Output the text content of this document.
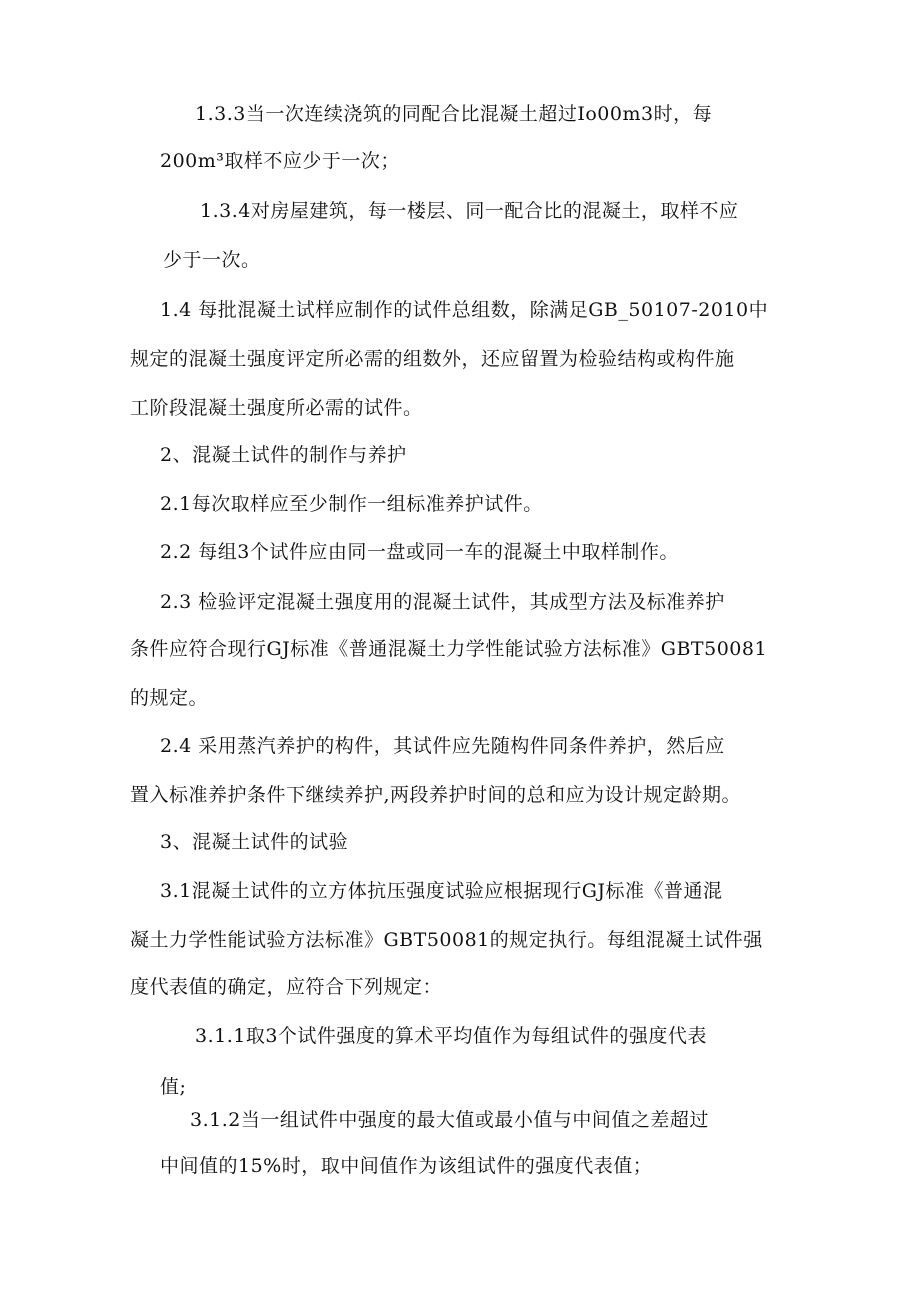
1.3.3当一次连续浇筑的同配合比混凝土超过Io00m3时，每
200m³取样不应少于一次；
1.3.4对房屋建筑，每一楼层、同一配合比的混凝土，取样不应
少于一次。
1.4 每批混凝土试样应制作的试件总组数，除满足GB_50107-2010中
规定的混凝土强度评定所必需的组数外，还应留置为检验结构或构件施
工阶段混凝土强度所必需的试件。
2、混凝土试件的制作与养护
2.1每次取样应至少制作一组标准养护试件。
2.2 每组3个试件应由同一盘或同一车的混凝土中取样制作。
2.3 检验评定混凝土强度用的混凝土试件，其成型方法及标准养护
条件应符合现行GJ标准《普通混凝土力学性能试验方法标准》GBT50081
的规定。
2.4 采用蒸汽养护的构件，其试件应先随构件同条件养护，然后应
置入标准养护条件下继续养护,两段养护时间的总和应为设计规定龄期。
3、混凝土试件的试验
3.1混凝土试件的立方体抗压强度试验应根据现行GJ标准《普通混
凝土力学性能试验方法标准》GBT50081的规定执行。每组混凝土试件强
度代表值的确定，应符合下列规定：
3.1.1取3个试件强度的算术平均值作为每组试件的强度代表
值;
3.1.2当一组试件中强度的最大值或最小值与中间值之差超过
中间值的15%时，取中间值作为该组试件的强度代表值；
